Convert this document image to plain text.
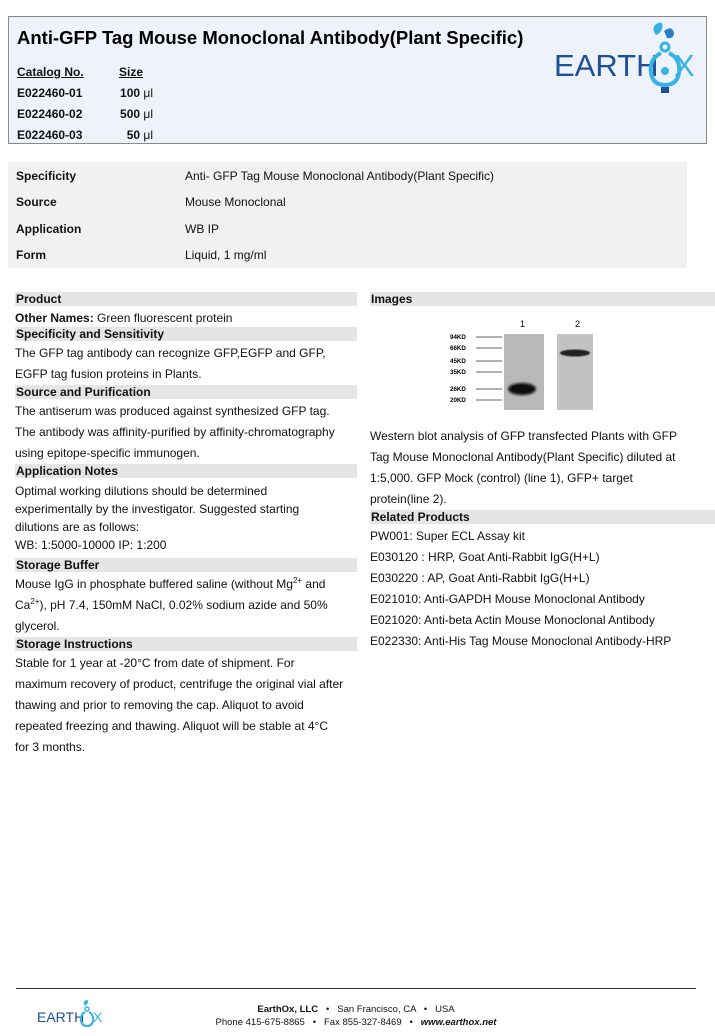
Anti-GFP Tag Mouse Monoclonal Antibody(Plant Specific)
Catalog No.	Size
E022460-01	100 μl
E022460-02	500 μl
E022460-03	50 μl
EARTH X
Specificity	Anti- GFP Tag Mouse Monoclonal Antibody(Plant Specific)
Source	Mouse Monoclonal
Application	WB IP
Form	Liquid, 1 mg/ml
Product
Other Names: Green fluorescent protein
Specificity and Sensitivity
The GFP tag antibody can recognize GFP,EGFP and GFP,
EGFP tag fusion proteins in Plants.
Source and Purification
The antiserum was produced against synthesized GFP tag.
The antibody was affinity-purified by affinity-chromatography
using epitope-specific immunogen.
Application Notes
Optimal working dilutions should be determined
experimentally by the investigator. Suggested starting
dilutions are as follows:
WB: 1:5000-10000 IP: 1:200
Storage Buffer
Mouse IgG in phosphate buffered saline (without $Mg^{2+}$ and
$Ca^{2+}$), pH 7.4, 150mM NaCl, 0.02% sodium azide and 50%
glycerol.
Storage Instructions
Stable for 1 year at -20°C from date of shipment. For
maximum recovery of product, centrifuge the original vial after
thawing and prior to removing the cap. Aliquot to avoid
repeated freezing and thawing. Aliquot will be stable at 4°C
for 3 months.
Images
1	2
94KD
66KD
45KD
35KD
26KD
20KD
Western blot analysis of GFP transfected Plants with GFP
Tag Mouse Monoclonal Antibody(Plant Specific) diluted at
1:5,000. GFP Mock (control) (line 1), GFP+ target
protein(line 2).
Related Products
PW001: Super ECL Assay kit
E030120 : HRP, Goat Anti-Rabbit IgG(H+L)
E030220 : AP, Goat Anti-Rabbit IgG(H+L)
E021010: Anti-GAPDH Mouse Monoclonal Antibody
E021020: Anti-beta Actin Mouse Monoclonal Antibody
E022330: Anti-His Tag Mouse Monoclonal Antibody-HRP
EARTH X	EarthOx, LLC • San Francisco, CA • USA
Phone 415-675-8865 • Fax 855-327-8469 • www.earthox.net
